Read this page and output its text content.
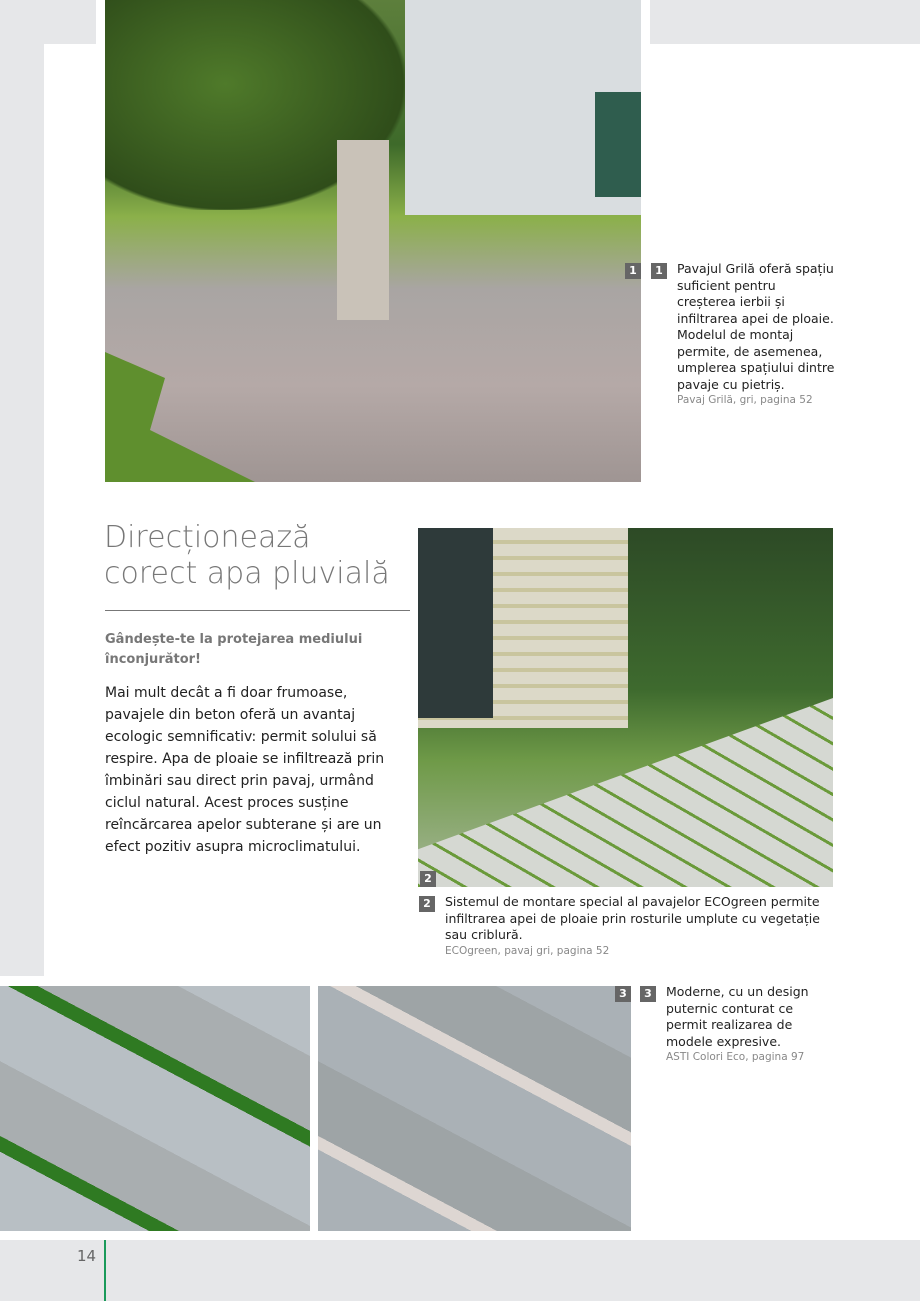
1	1	Pavajul Grilă oferă spațiu suficient pentru creșterea ierbii și infiltrarea apei de ploaie. Modelul de montaj permite, de asemenea, umplerea spațiului dintre pavaje cu pietriș.
Pavaj Grilă, gri, pagina 52
Direcționează
corect apa pluvială
Gândește-te la protejarea mediului înconjurător!
Mai mult decât a fi doar frumoase, pavajele din beton oferă un avantaj ecologic semnificativ: permit solului să respire. Apa de ploaie se infiltrează prin îmbinări sau direct prin pavaj, urmând ciclul natural. Acest proces susține reîncărcarea apelor subterane și are un efect pozitiv asupra microclimatului.
2
2	Sistemul de montare special al pavajelor ECOgreen permite infiltrarea apei de ploaie prin rosturile umplute cu vegetație sau criblură.
ECOgreen, pavaj gri, pagina 52
3	3	Moderne, cu un design puternic conturat ce permit realizarea de modele expresive.
ASTI Colori Eco, pagina 97
14
